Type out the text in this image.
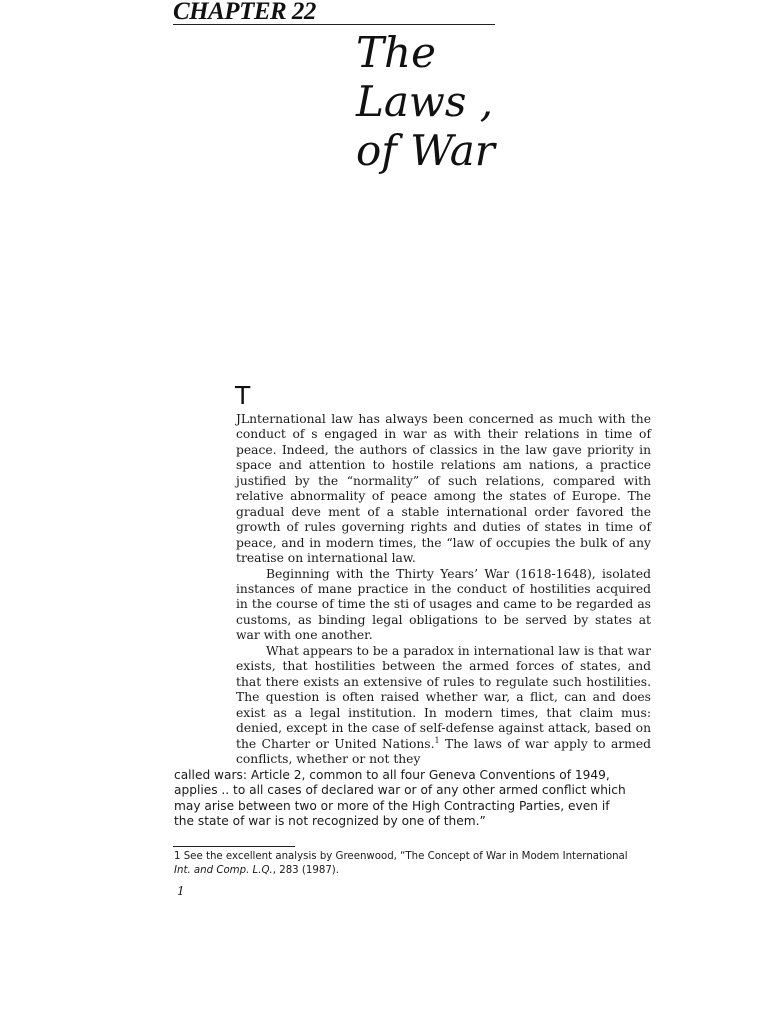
CHAPTER 22
The
Laws ,
of War
T

JLnternational law has always been concerned as much with the conduct of s engaged in war as with their relations in time of peace. Indeed, the authors of classics in the law gave priority in space and attention to hostile relations am nations, a practice justified by the “normality” of such relations, compared with relative abnormality of peace among the states of Europe. The gradual deve ment of a stable international order favored the growth of rules governing rights and duties of states in time of peace, and in modern times, the “law of occupies the bulk of any treatise on international law.

Beginning with the Thirty Years’ War (1618-1648), isolated instances of mane practice in the conduct of hostilities acquired in the course of time the sti of usages and came to be regarded as customs, as binding legal obligations to be served by states at war with one another.

What appears to be a paradox in international law is that war exists, that hostilities between the armed forces of states, and that there exists an extensive of rules to regulate such hostilities. The question is often raised whether war, a flict, can and does exist as a legal institution. In modern times, that claim mus: denied, except in the case of self-defense against attack, based on the Charter or United Nations.$^1$ The laws of war apply to armed conflicts, whether or not they

called wars: Article 2, common to all four Geneva Conventions of 1949,
applies .. to all cases of declared war or of any other armed conflict which
may arise between two or more of the High Contracting Parties, even if
the state of war is not recognized by one of them.”
1 See the excellent analysis by Greenwood, “The Concept of War in Modem International
Int. and Comp. L.Q., 283 (1987).
1
